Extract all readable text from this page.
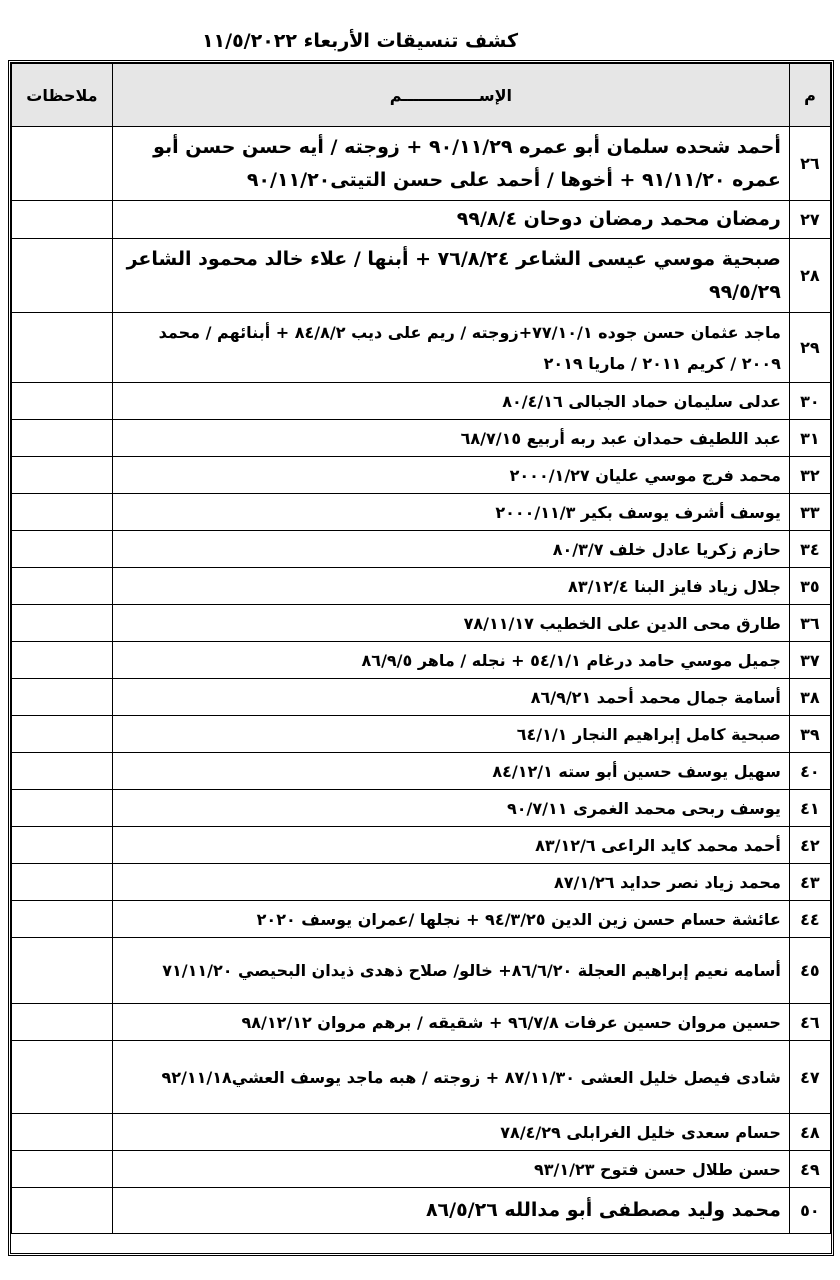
كشف تنسيقات الأربعاء ١١/٥/٢٠٢٢
م	الإســــــــــــــم	ملاحظات
٢٦	أحمد شحده سلمان أبو عمره ٩٠/١١/٢٩ + زوجته / أيه حسن حسن أبو عمره ٩١/١١/٢٠ + أخوها / أحمد على حسن التيتى٩٠/١١/٢٠	
٢٧	رمضان محمد رمضان دوحان ٩٩/٨/٤	
٢٨	صبحية موسي عيسى الشاعر ٧٦/٨/٢٤ + أبنها / علاء خالد محمود الشاعر ٩٩/٥/٢٩	
٢٩	ماجد عثمان حسن جوده ٧٧/١٠/١+زوجته / ريم على ديب ٨٤/٨/٢ + أبنائهم / محمد ٢٠٠٩ / كريم ٢٠١١ / ماريا ٢٠١٩	
٣٠	عدلى سليمان حماد الجبالى ٨٠/٤/١٦	
٣١	عبد اللطيف حمدان عبد ربه أربيع ٦٨/٧/١٥	
٣٢	محمد فرج موسي عليان ٢٠٠٠/١/٢٧	
٣٣	يوسف أشرف يوسف بكير ٢٠٠٠/١١/٣	
٣٤	حازم زكريا عادل خلف ٨٠/٣/٧	
٣٥	جلال زياد فايز البنا ٨٣/١٢/٤	
٣٦	طارق محى الدين على الخطيب ٧٨/١١/١٧	
٣٧	جميل موسي حامد درغام ٥٤/١/١ + نجله / ماهر ٨٦/٩/٥	
٣٨	أسامة جمال محمد أحمد ٨٦/٩/٢١	
٣٩	صبحية كامل إبراهيم النجار ٦٤/١/١	
٤٠	سهيل يوسف حسين أبو سته ٨٤/١٢/١	
٤١	يوسف ربحى محمد الغمرى ٩٠/٧/١١	
٤٢	أحمد محمد كايد الراعى ٨٣/١٢/٦	
٤٣	محمد زياد نصر حدايد ٨٧/١/٢٦	
٤٤	عائشة حسام حسن زين الدين ٩٤/٣/٢٥ + نجلها /عمران يوسف ٢٠٢٠	
٤٥	أسامه نعيم إبراهيم العجلة ٨٦/٦/٢٠+ خالو/ صلاح ذهدى ذيدان البحيصي ٧١/١١/٢٠	
٤٦	حسين مروان حسين عرفات ٩٦/٧/٨ + شقيقه / برهم مروان ٩٨/١٢/١٢	
٤٧	شادى فيصل خليل العشى ٨٧/١١/٣٠ + زوجته / هبه ماجد يوسف العشي٩٢/١١/١٨	
٤٨	حسام سعدى خليل الغرابلى ٧٨/٤/٢٩	
٤٩	حسن طلال حسن فتوح ٩٣/١/٢٣	
٥٠	محمد وليد مصطفى أبو مدالله ٨٦/٥/٢٦	
